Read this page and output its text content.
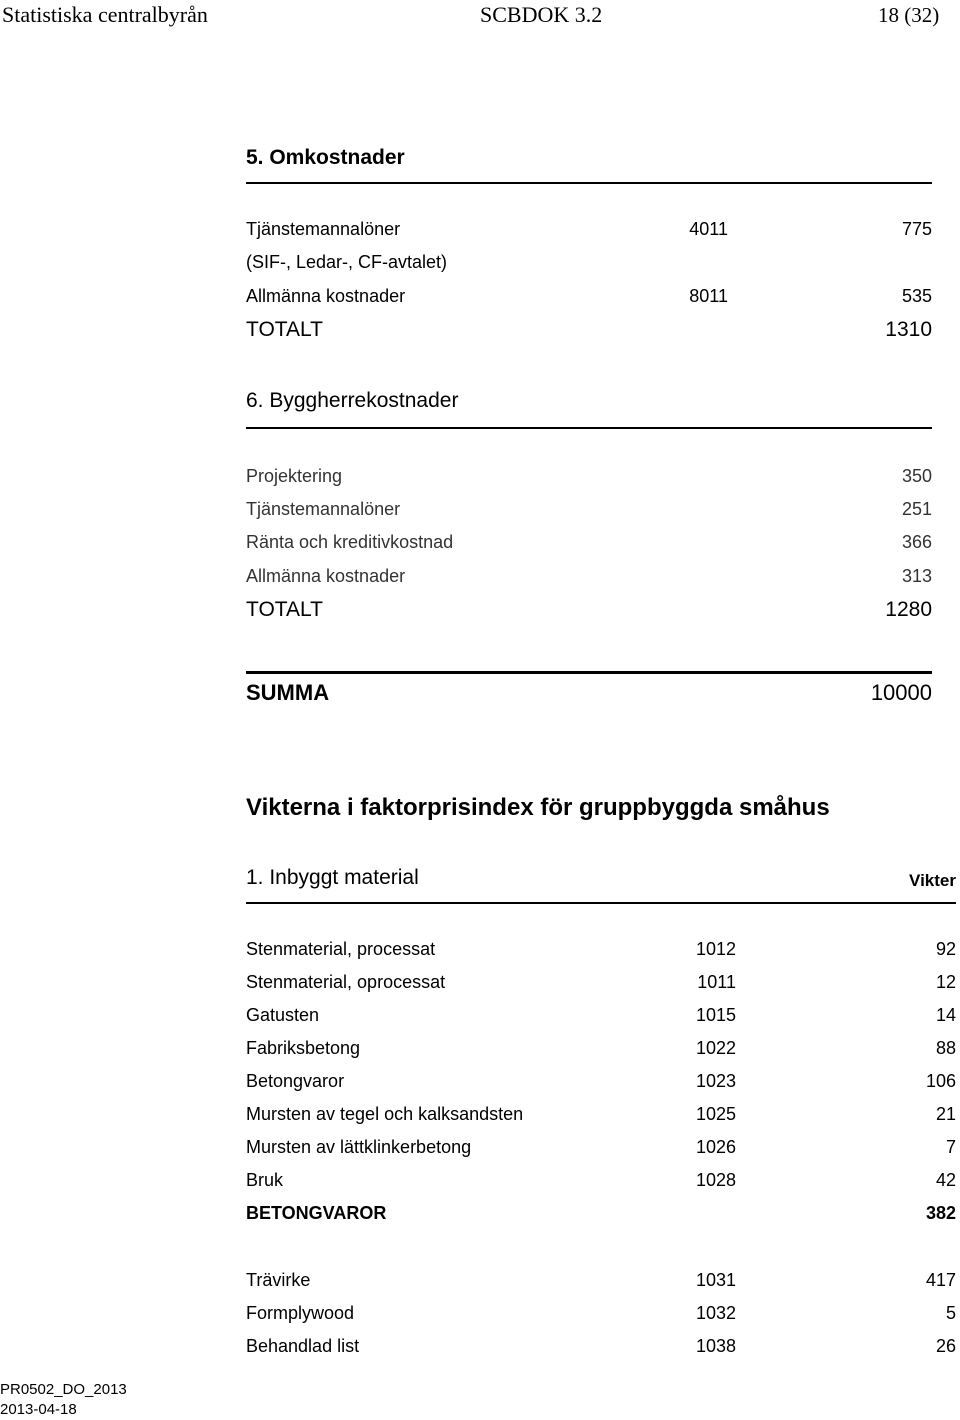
Statistiska centralbyrån	SCBDOK 3.2	18 (32)
5. Omkostnader
Tjänstemannalöner	4011	775
(SIF-, Ledar-, CF-avtalet)
Allmänna kostnader	8011	535
TOTALT	1310
6. Byggherrekostnader
Projektering	350
Tjänstemannalöner	251
Ränta och kreditivkostnad	366
Allmänna kostnader	313
TOTALT	1280
SUMMA	10000
Vikterna i faktorprisindex för gruppbyggda småhus
1. Inbyggt material	Vikter
Stenmaterial, processat	1012	92
Stenmaterial, oprocessat	1011	12
Gatusten	1015	14
Fabriksbetong	1022	88
Betongvaror	1023	106
Mursten av tegel och kalksandsten	1025	21
Mursten av lättklinkerbetong	1026	7
Bruk	1028	42
BETONGVAROR	382
Trävirke	1031	417
Formplywood	1032	5
Behandlad list	1038	26
PR0502_DO_2013
2013-04-18
